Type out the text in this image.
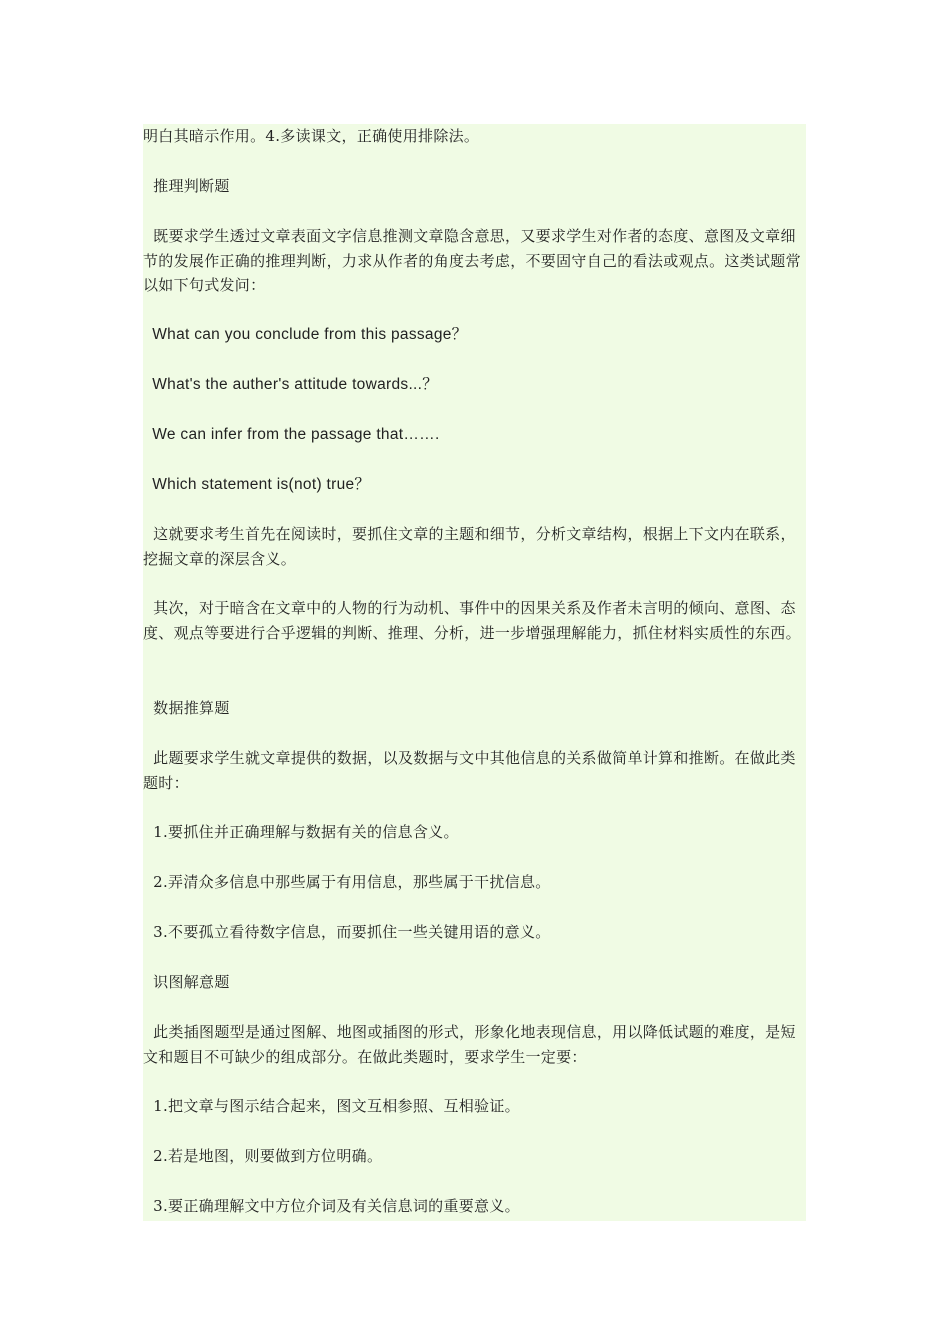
明白其暗示作用。4.多读课文，正确使用排除法。

推理判断题

既要求学生透过文章表面文字信息推测文章隐含意思，又要求学生对作者的态度、意图及文章细节的发展作正确的推理判断，力求从作者的角度去考虑，不要固守自己的看法或观点。这类试题常以如下句式发问：

What can you conclude from this passage？

What's the auther's attitude towards...？

We can infer from the passage that…….

Which statement is(not) true？

这就要求考生首先在阅读时，要抓住文章的主题和细节，分析文章结构，根据上下文内在联系，挖掘文章的深层含义。

其次，对于暗含在文章中的人物的行为动机、事件中的因果关系及作者未言明的倾向、意图、态度、观点等要进行合乎逻辑的判断、推理、分析，进一步增强理解能力，抓住材料实质性的东西。

数据推算题

此题要求学生就文章提供的数据，以及数据与文中其他信息的关系做简单计算和推断。在做此类题时：

1.要抓住并正确理解与数据有关的信息含义。

2.弄清众多信息中那些属于有用信息，那些属于干扰信息。

3.不要孤立看待数字信息，而要抓住一些关键用语的意义。

识图解意题

此类插图题型是通过图解、地图或插图的形式，形象化地表现信息，用以降低试题的难度，是短文和题目不可缺少的组成部分。在做此类题时，要求学生一定要：

1.把文章与图示结合起来，图文互相参照、互相验证。

2.若是地图，则要做到方位明确。

3.要正确理解文中方位介词及有关信息词的重要意义。
